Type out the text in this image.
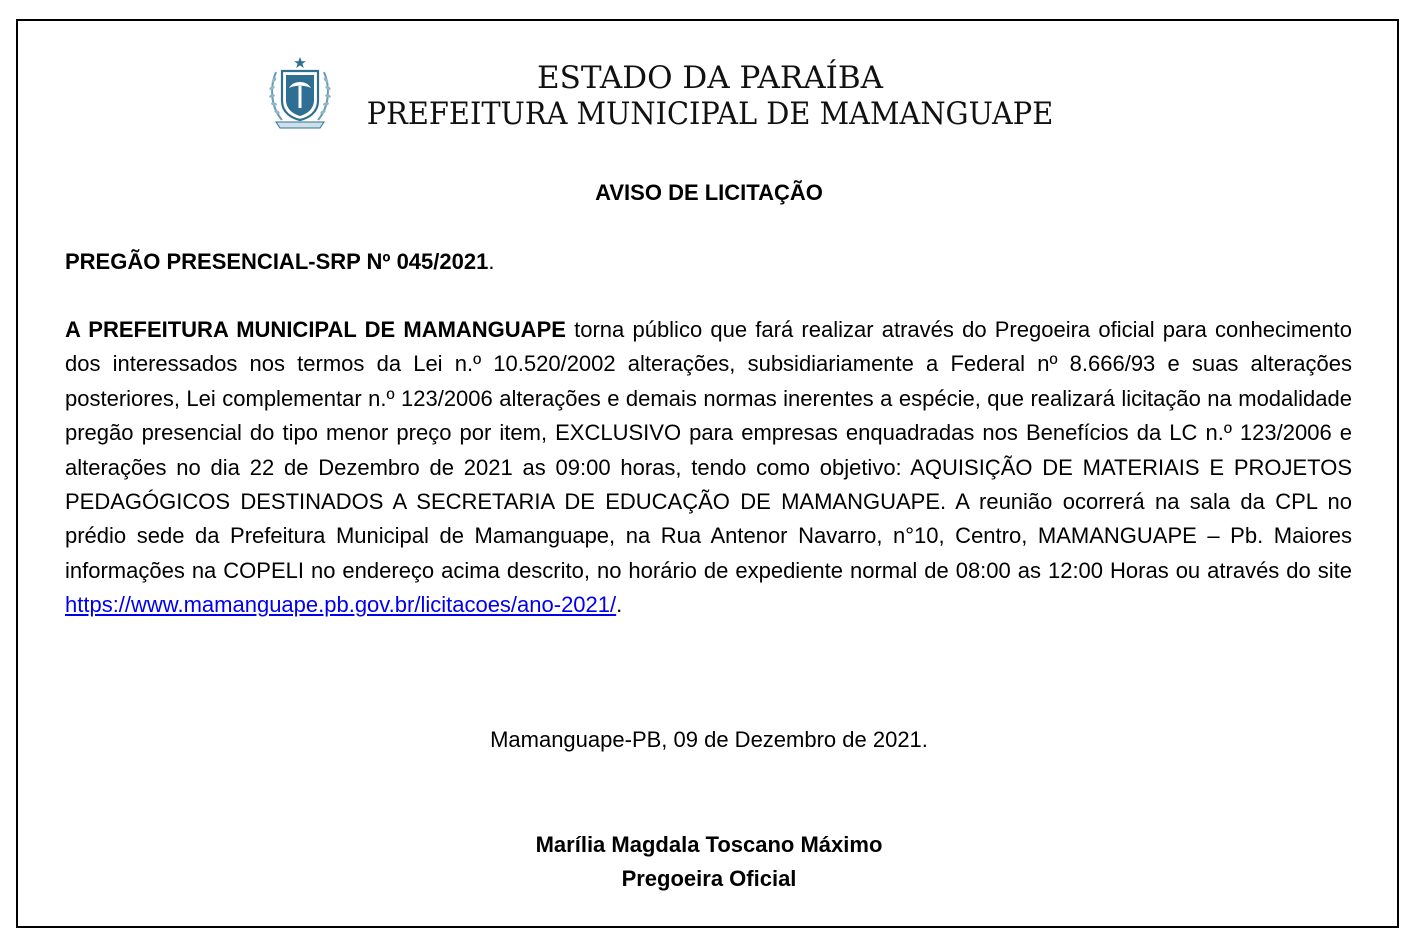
ESTADO DA PARAÍBA
PREFEITURA MUNICIPAL DE MAMANGUAPE
AVISO DE LICITAÇÃO
PREGÃO PRESENCIAL-SRP Nº 045/2021.
A PREFEITURA MUNICIPAL DE MAMANGUAPE torna público que fará realizar através do Pregoeira oficial para conhecimento dos interessados nos termos da Lei n.º 10.520/2002 alterações, subsidiariamente a Federal nº 8.666/93 e suas alterações posteriores, Lei complementar n.º 123/2006 alterações e demais normas inerentes a espécie, que realizará licitação na modalidade pregão presencial do tipo menor preço por item, EXCLUSIVO para empresas enquadradas nos Benefícios da LC n.º 123/2006 e alterações no dia 22 de Dezembro de 2021 as 09:00 horas, tendo como objetivo: AQUISIÇÃO DE MATERIAIS E PROJETOS PEDAGÓGICOS DESTINADOS A SECRETARIA DE EDUCAÇÃO DE MAMANGUAPE. A reunião ocorrerá na sala da CPL no prédio sede da Prefeitura Municipal de Mamanguape, na Rua Antenor Navarro, n°10, Centro, MAMANGUAPE – Pb. Maiores informações na COPELI no endereço acima descrito, no horário de expediente normal de 08:00 as 12:00 Horas ou através do site https://www.mamanguape.pb.gov.br/licitacoes/ano-2021/.
Mamanguape-PB, 09 de Dezembro de 2021.
Marília Magdala Toscano Máximo
Pregoeira Oficial
